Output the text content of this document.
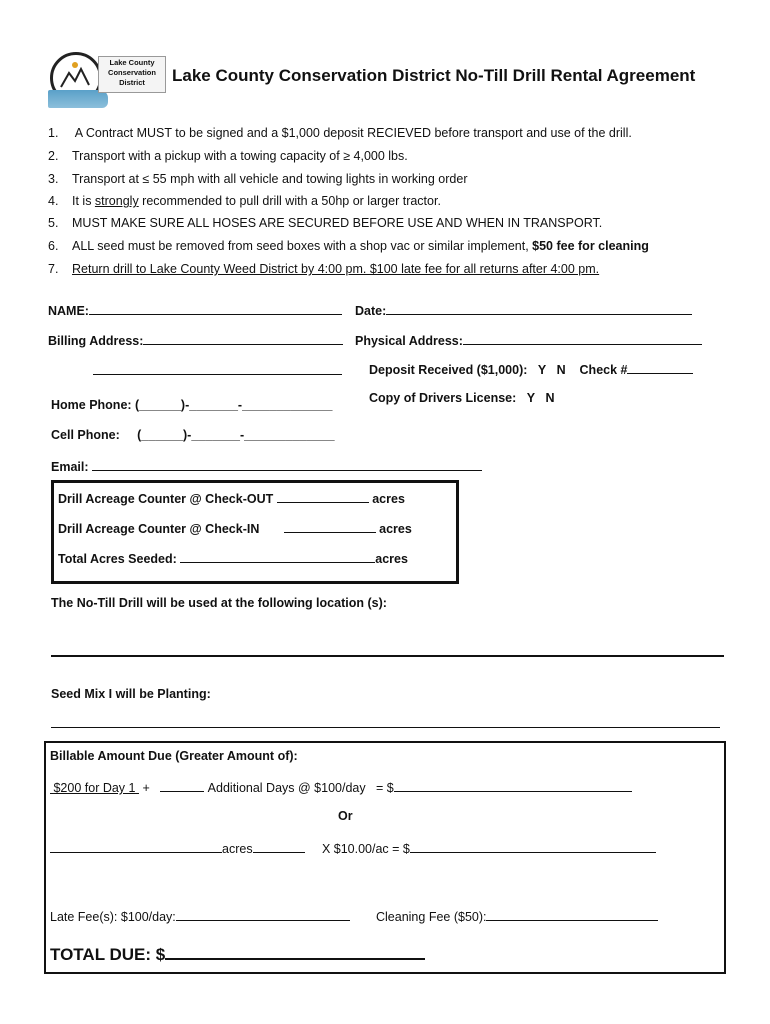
Lake County
Conservation
District	Lake County Conservation District No-Till Drill Rental Agreement
1. A Contract MUST to be signed and a $1,000 deposit RECIEVED before transport and use of the drill.
2. Transport with a pickup with a towing capacity of ≥ 4,000 lbs.
3. Transport at ≤ 55 mph with all vehicle and towing lights in working order
4. It is strongly recommended to pull drill with a 50hp or larger tractor.
5. MUST MAKE SURE ALL HOSES ARE SECURED BEFORE USE AND WHEN IN TRANSPORT.
6. ALL seed must be removed from seed boxes with a shop vac or similar implement, $50 fee for cleaning
7. Return drill to Lake County Weed District by 4:00 pm. $100 late fee for all returns after 4:00 pm.
NAME:	Date:
Billing Address:	Physical Address:
Deposit Received ($1,000): Y N Check #
Copy of Drivers License: Y N
Home Phone: (______)-_______-_____________
Cell Phone: (______)-_______-_____________
Email:
Drill Acreage Counter @ Check-OUT	acres
Drill Acreage Counter @ Check-IN	acres
Total Acres Seeded:	acres
The No-Till Drill will be used at the following location (s):
Seed Mix I will be Planting:
Billable Amount Due (Greater Amount of):
$200 for Day 1 +	Additional Days @ $100/day = $
Or
acres	X $10.00/ac = $
Late Fee(s): $100/day:	Cleaning Fee ($50):
TOTAL DUE: $
